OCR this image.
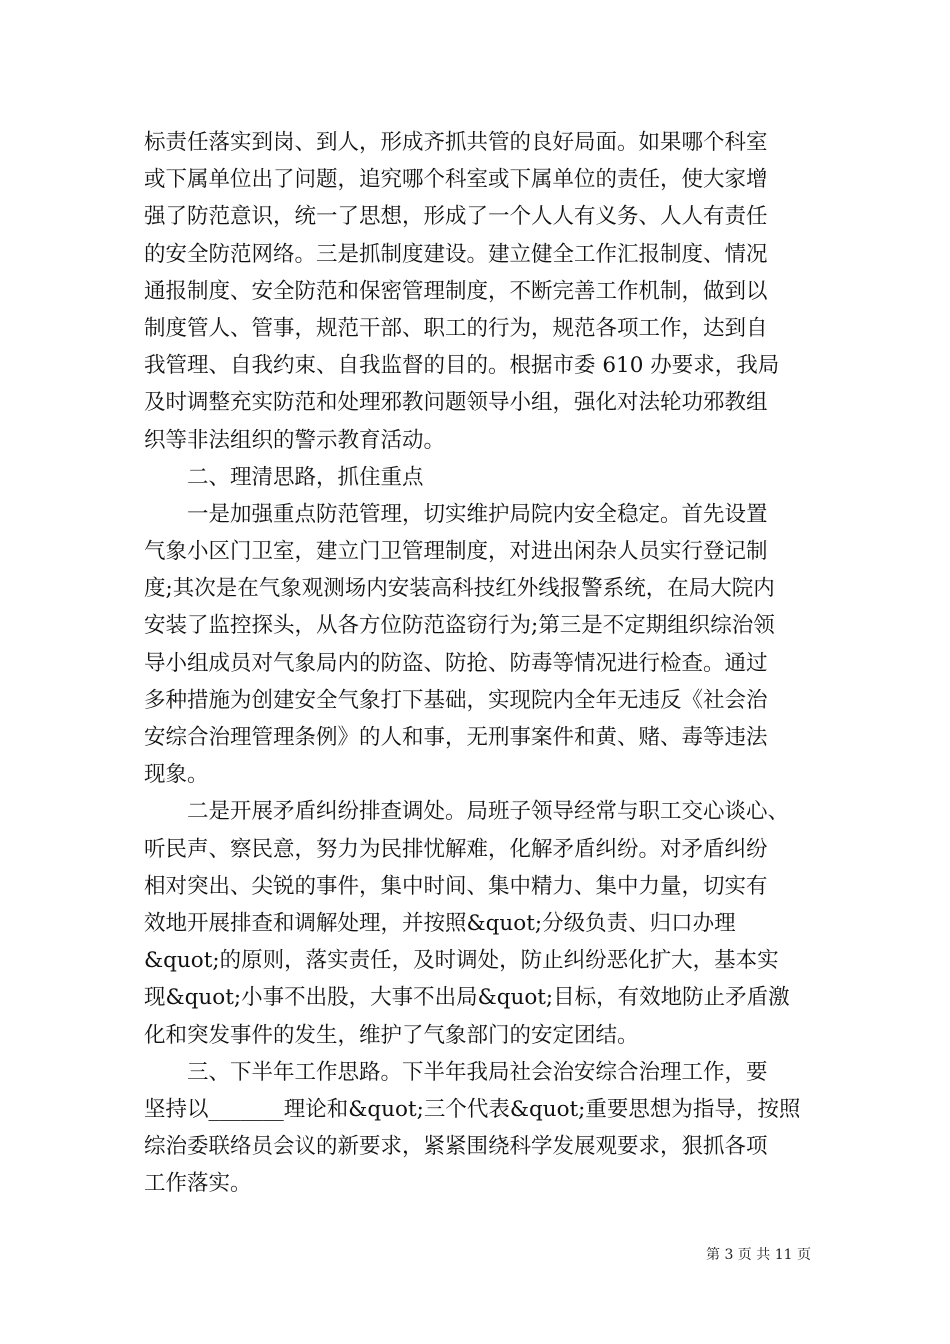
标责任落实到岗、到人，形成齐抓共管的良好局面。如果哪个科室
或下属单位出了问题，追究哪个科室或下属单位的责任，使大家增
强了防范意识，统一了思想，形成了一个人人有义务、人人有责任
的安全防范网络。三是抓制度建设。建立健全工作汇报制度、情况
通报制度、安全防范和保密管理制度，不断完善工作机制，做到以
制度管人、管事，规范干部、职工的行为，规范各项工作，达到自
我管理、自我约束、自我监督的目的。根据市委 610 办要求，我局
及时调整充实防范和处理邪教问题领导小组，强化对法轮功邪教组
织等非法组织的警示教育活动。
二、理清思路，抓住重点
一是加强重点防范管理，切实维护局院内安全稳定。首先设置
气象小区门卫室，建立门卫管理制度，对进出闲杂人员实行登记制
度;其次是在气象观测场内安装高科技红外线报警系统，在局大院内
安装了监控探头，从各方位防范盗窃行为;第三是不定期组织综治领
导小组成员对气象局内的防盗、防抢、防毒等情况进行检查。通过
多种措施为创建安全气象打下基础，实现院内全年无违反《社会治
安综合治理管理条例》的人和事，无刑事案件和黄、赌、毒等违法
现象。
二是开展矛盾纠纷排查调处。局班子领导经常与职工交心谈心、
听民声、察民意，努力为民排忧解难，化解矛盾纠纷。对矛盾纠纷
相对突出、尖锐的事件，集中时间、集中精力、集中力量，切实有
效地开展排查和调解处理，并按照&quot;分级负责、归口办理
&quot;的原则，落实责任，及时调处，防止纠纷恶化扩大，基本实
现&quot;小事不出股，大事不出局&quot;目标，有效地防止矛盾激
化和突发事件的发生，维护了气象部门的安定团结。
三、下半年工作思路。下半年我局社会治安综合治理工作，要
坚持以_______理论和&quot;三个代表&quot;重要思想为指导，按照
综治委联络员会议的新要求，紧紧围绕科学发展观要求，狠抓各项
工作落实。
第 3 页 共 11 页
